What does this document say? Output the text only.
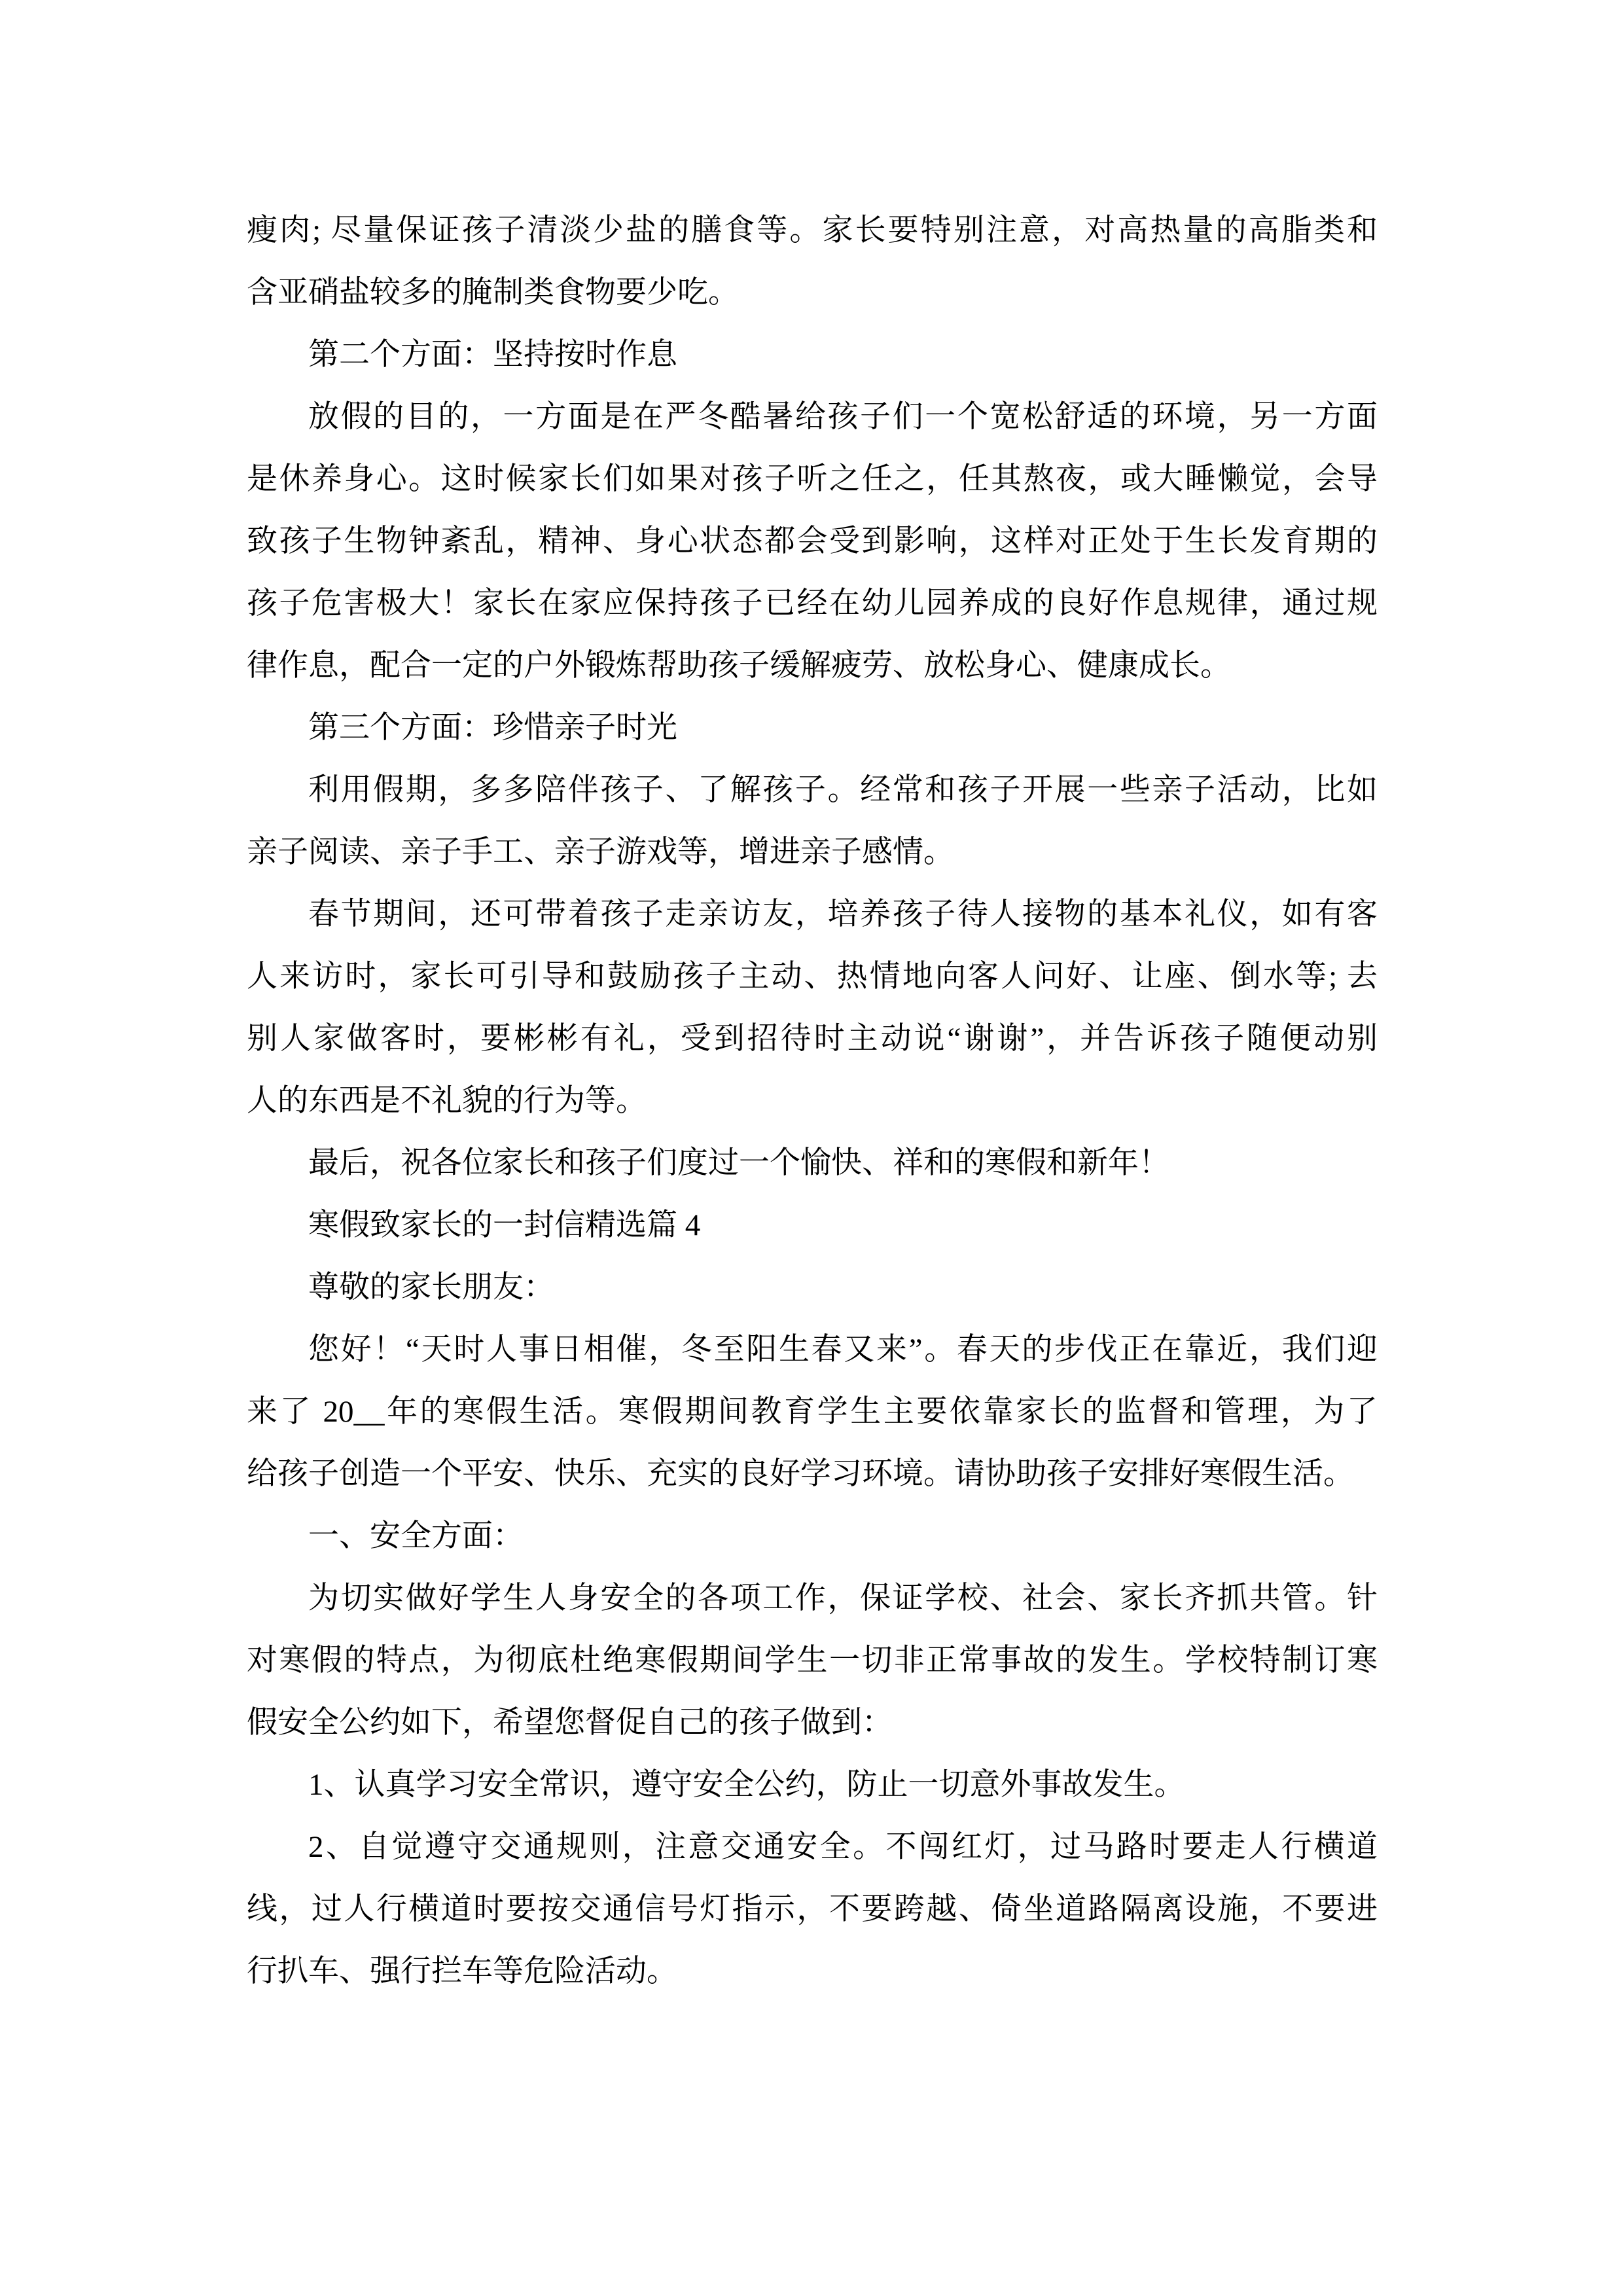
瘦肉; 尽量保证孩子清淡少盐的膳食等。家长要特别注意，对高热量的高脂类和
含亚硝盐较多的腌制类食物要少吃。
第二个方面：坚持按时作息
放假的目的，一方面是在严冬酷暑给孩子们一个宽松舒适的环境，另一方面
是休养身心。这时候家长们如果对孩子听之任之，任其熬夜，或大睡懒觉，会导
致孩子生物钟紊乱，精神、身心状态都会受到影响，这样对正处于生长发育期的
孩子危害极大！家长在家应保持孩子已经在幼儿园养成的良好作息规律，通过规
律作息，配合一定的户外锻炼帮助孩子缓解疲劳、放松身心、健康成长。
第三个方面：珍惜亲子时光
利用假期，多多陪伴孩子、了解孩子。经常和孩子开展一些亲子活动，比如
亲子阅读、亲子手工、亲子游戏等，增进亲子感情。
春节期间，还可带着孩子走亲访友，培养孩子待人接物的基本礼仪，如有客
人来访时，家长可引导和鼓励孩子主动、热情地向客人问好、让座、倒水等; 去
别人家做客时，要彬彬有礼，受到招待时主动说“谢谢”，并告诉孩子随便动别
人的东西是不礼貌的行为等。
最后，祝各位家长和孩子们度过一个愉快、祥和的寒假和新年！
寒假致家长的一封信精选篇 4
尊敬的家长朋友：
您好！“天时人事日相催，冬至阳生春又来”。春天的步伐正在靠近，我们迎
来了 20__年的寒假生活。寒假期间教育学生主要依靠家长的监督和管理，为了
给孩子创造一个平安、快乐、充实的良好学习环境。请协助孩子安排好寒假生活。
一、安全方面：
为切实做好学生人身安全的各项工作，保证学校、社会、家长齐抓共管。针
对寒假的特点，为彻底杜绝寒假期间学生一切非正常事故的发生。学校特制订寒
假安全公约如下，希望您督促自己的孩子做到：
1、认真学习安全常识，遵守安全公约，防止一切意外事故发生。
2、自觉遵守交通规则，注意交通安全。不闯红灯，过马路时要走人行横道
线，过人行横道时要按交通信号灯指示，不要跨越、倚坐道路隔离设施，不要进
行扒车、强行拦车等危险活动。
